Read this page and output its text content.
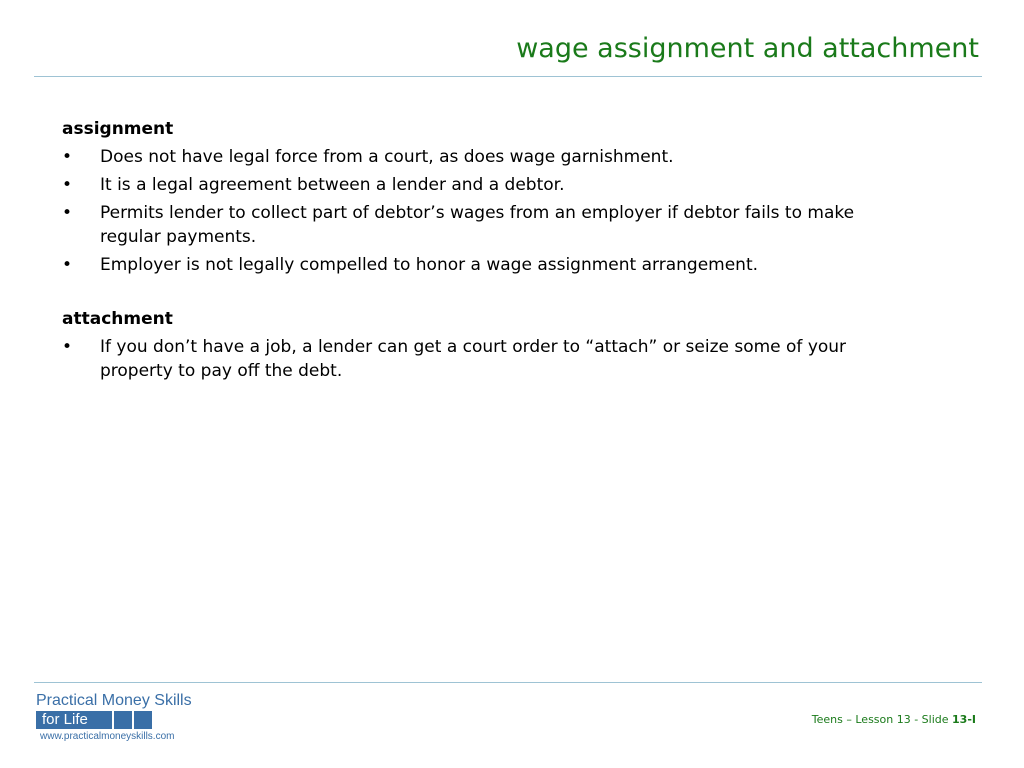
wage assignment and attachment
assignment
• Does not have legal force from a court, as does wage garnishment.
• It is a legal agreement between a lender and a debtor.
• Permits lender to collect part of debtor’s wages from an employer if debtor fails to make regular payments.
• Employer is not legally compelled to honor a wage assignment arrangement.
attachment
• If you don’t have a job, a lender can get a court order to “attach” or seize some of your property to pay off the debt.
Practical Money Skills
for Life
www.practicalmoneyskills.com
Teens – Lesson 13 - Slide 13-I
